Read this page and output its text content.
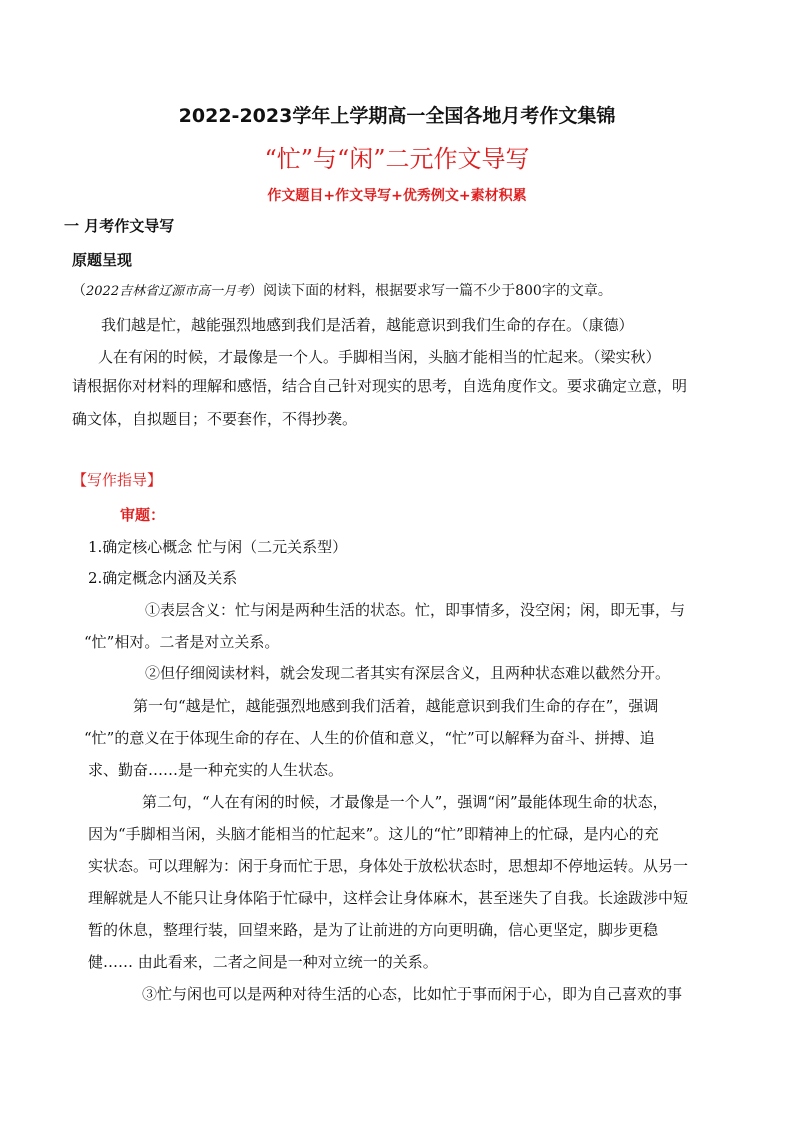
2022-2023学年上学期高一全国各地月考作文集锦
“忙”与“闲”二元作文导写
作文题目+作文导写+优秀例文+素材积累
一 月考作文导写
原题呈现
（2022吉林省辽源市高一月考）阅读下面的材料，根据要求写一篇不少于800字的文章。
我们越是忙，越能强烈地感到我们是活着，越能意识到我们生命的存在。（康德）
人在有闲的时候，才最像是一个人。手脚相当闲，头脑才能相当的忙起来。（梁实秋）
请根据你对材料的理解和感悟，结合自己针对现实的思考，自选角度作文。要求确定立意，明
确文体，自拟题目；不要套作，不得抄袭。
【写作指导】
审题：
1.确定核心概念 忙与闲（二元关系型）
2.确定概念内涵及关系
①表层含义：忙与闲是两种生活的状态。忙，即事情多，没空闲；闲，即无事，与
“忙”相对。二者是对立关系。
②但仔细阅读材料，就会发现二者其实有深层含义，且两种状态难以截然分开。
第一句“越是忙，越能强烈地感到我们活着，越能意识到我们生命的存在”，强调
“忙”的意义在于体现生命的存在、人生的价值和意义，“忙”可以解释为奋斗、拼搏、追
求、勤奋……是一种充实的人生状态。
第二句，“人在有闲的时候，才最像是一个人”，强调“闲”最能体现生命的状态，
因为“手脚相当闲，头脑才能相当的忙起来”。这儿的“忙”即精神上的忙碌，是内心的充
实状态。可以理解为：闲于身而忙于思，身体处于放松状态时，思想却不停地运转。从另一
理解就是人不能只让身体陷于忙碌中，这样会让身体麻木，甚至迷失了自我。长途跋涉中短
暂的休息，整理行装，回望来路，是为了让前进的方向更明确，信心更坚定，脚步更稳
健…… 由此看来，二者之间是一种对立统一的关系。
③忙与闲也可以是两种对待生活的心态，比如忙于事而闲于心，即为自己喜欢的事
